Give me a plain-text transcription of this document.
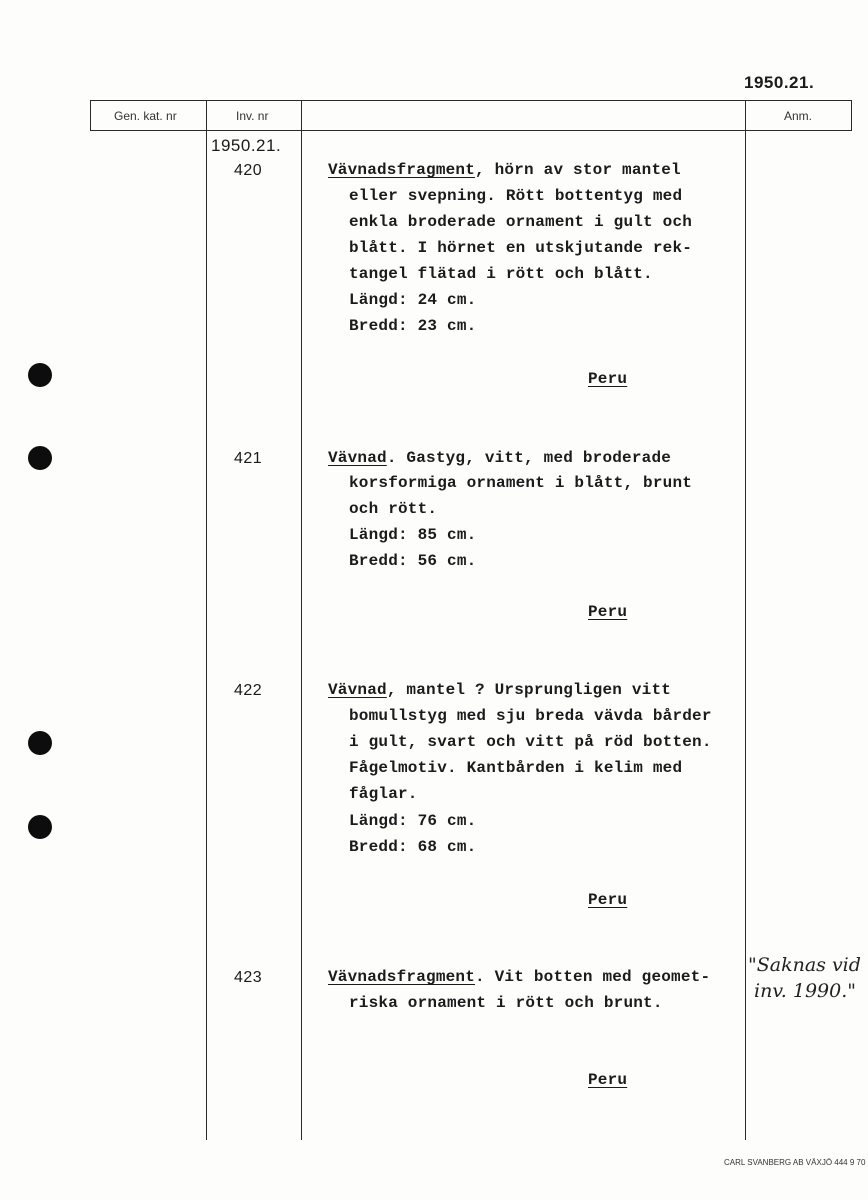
1950.21.
Gen. kat. nr	Inv. nr	Anm.
1950.21.
420	Vävnadsfragment, hörn av stor mantel
eller svepning. Rött bottentyg med
enkla broderade ornament i gult och
blått. I hörnet en utskjutande rek-
tangel flätad i rött och blått.
Längd: 24 cm.
Bredd: 23 cm.
Peru
421	Vävnad. Gastyg, vitt, med broderade
korsformiga ornament i blått, brunt
och rött.
Längd: 85 cm.
Bredd: 56 cm.
Peru
422	Vävnad, mantel ? Ursprungligen vitt
bomullstyg med sju breda vävda bårder
i gult, svart och vitt på röd botten.
Fågelmotiv. Kantbården i kelim med
fåglar.
Längd: 76 cm.
Bredd: 68 cm.
Peru
423	Vävnadsfragment. Vit botten med geomet-
riska ornament i rött och brunt.
Peru
"Saknas vid
inv. 1990."
CARL SVANBERG AB VÄXJÖ 444 9 70
